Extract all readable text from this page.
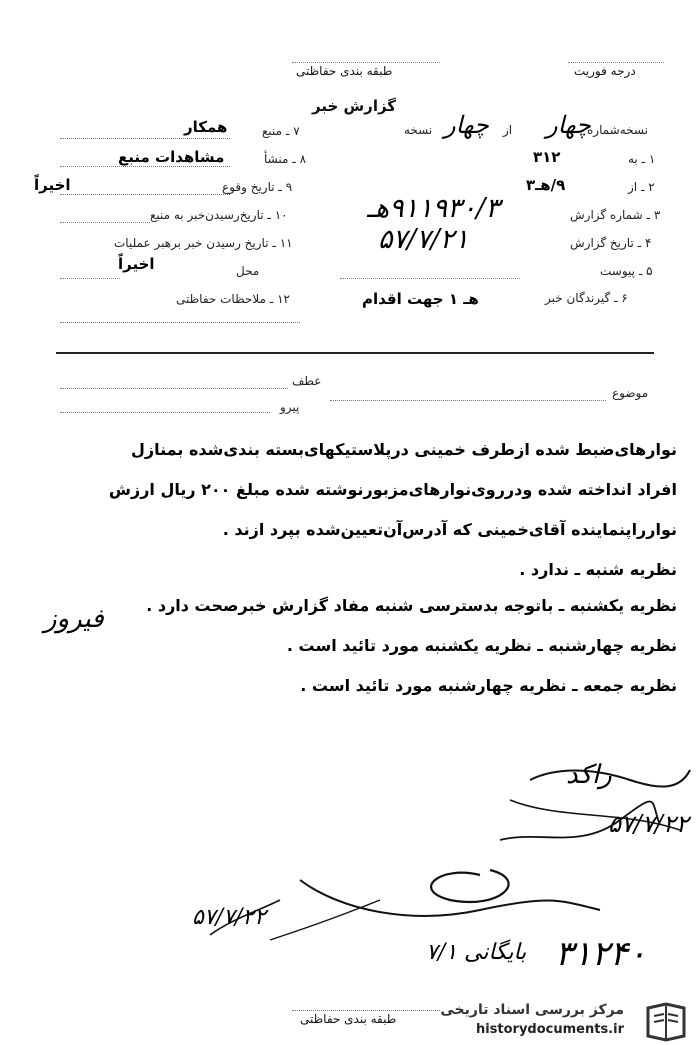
طبقه بندی حفاظتی	درجه فوریت
گزارش خبر
نسخه‌شماره
چهار
از
چهار
نسخه
۱ ـ به
۳۱۲
۲ ـ از
۹/هـ۳
۳ ـ شماره گزارش
۹۱۱۹۳۰/۳هـ
۴ ـ تاریخ گزارش
۵۷/۷/۲۱
۵ ـ پیوست
۶ ـ گیرندگان خبر
هـ ۱ جهت اقدام
۷ ـ منبع
همکار
۸ ـ منشأ
مشاهدات منبع
۹ ـ تاریخ وقوع
اخیراً
۱۰ ـ تاریخ‌رسیدن‌خبر به منبع
۱۱ ـ تاریخ رسیدن خبر برهبر عملیات
اخیراً	محل
۱۲ ـ ملاحظات حفاظتی
عطف
پیرو
موضوع
نوارهای‌ضبط شده ازطرف خمینی درپلاستیکهای‌بسته بندی‌شده بمنازل
افراد انداخته شده ودرروی‌نوارهای‌مزبورنوشته شده مبلغ ۲۰۰ ریال ارزش
نوارراپنماینده آقای‌خمینی که آدرس‌آن‌تعیین‌شده بپرد ازند .
نظریه شنبه ـ ندارد .
نظریه یکشنبه ـ باتوجه بدسترسی شنبه مفاد گزارش خبرصحت دارد .
نظریه چهارشنبه ـ نظریه یکشنبه مورد تائید است .
نظریه جمعه ـ نظریه چهارشنبه مورد تائید است .
فیروز
راکد
۵۷/۷/۲۲
۵۷/۷/۲۲
بایگانی ۷/۱ ۳۱۲۴۰
طبقه بندی حفاظتی
مرکز بررسی اسناد تاریخی
historydocuments.ir
